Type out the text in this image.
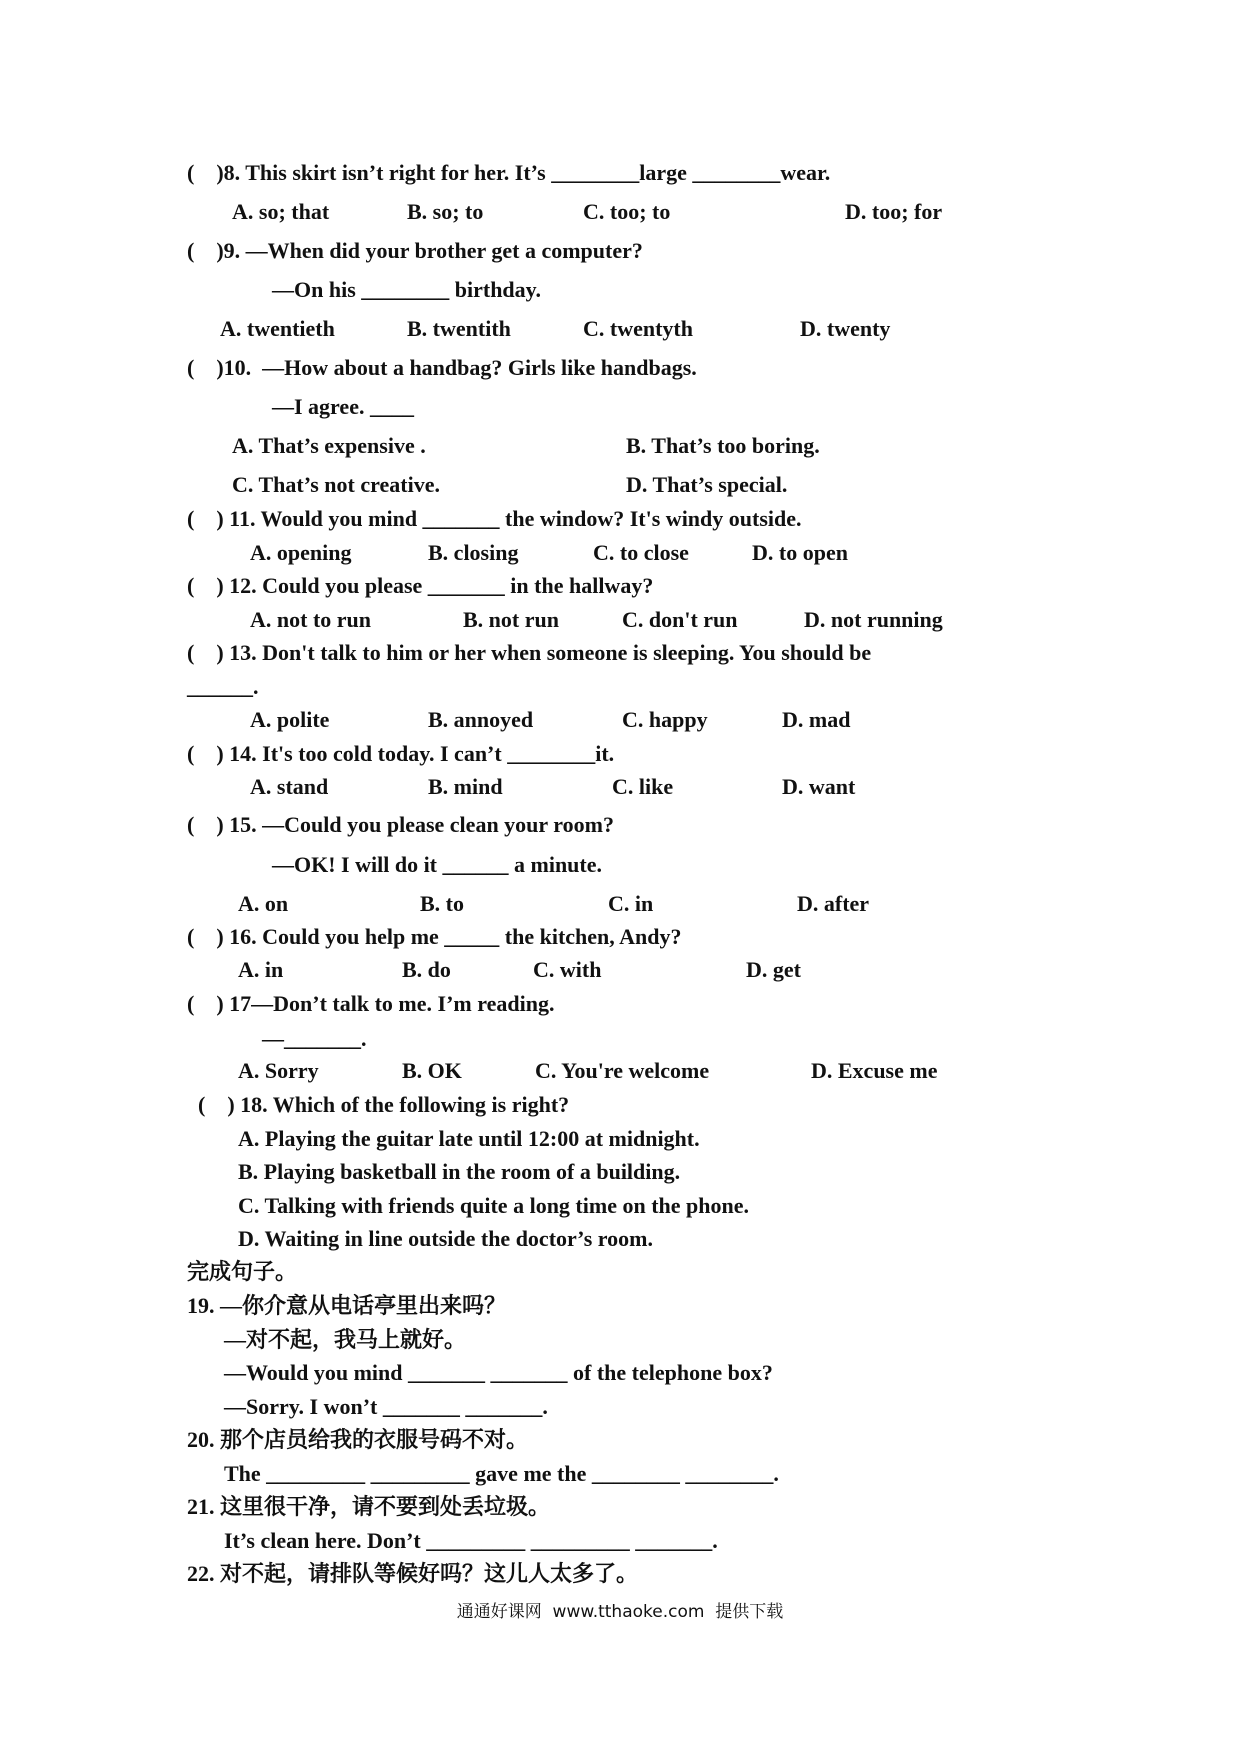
(    )8. This skirt isn’t right for her. It’s ________large ________wear.
A. so; that	B. so; to	C. too; to	D. too; for
(    )9. —When did your brother get a computer?
—On his ________ birthday.
A. twentieth	B. twentith	C. twentyth	D. twenty
(    )10.  —How about a handbag? Girls like handbags.
—I agree. ____
A. That’s expensive .	B. That’s too boring.
C. That’s not creative.	D. That’s special.
(    ) 11. Would you mind _______ the window? It's windy outside.
A. opening	B. closing	C. to close	D. to open
(    ) 12. Could you please _______ in the hallway?
A. not to run	B. not run	C. don't run	D. not running
(    ) 13. Don't talk to him or her when someone is sleeping. You should be
______.
A. polite	B. annoyed	C. happy	D. mad
(    ) 14. It's too cold today. I can’t ________it.
A. stand	B. mind	C. like	D. want
(    ) 15. —Could you please clean your room?
—OK! I will do it ______ a minute.
A. on	B. to	C. in	D. after
(    ) 16. Could you help me _____ the kitchen, Andy?
A. in	B. do	C. with	D. get
(    ) 17—Don’t talk to me. I’m reading.
—_______.
A. Sorry	B. OK	C. You're welcome	D. Excuse me
(    ) 18. Which of the following is right?
A. Playing the guitar late until 12:00 at midnight.
B. Playing basketball in the room of a building.
C. Talking with friends quite a long time on the phone.
D. Waiting in line outside the doctor’s room.
完成句子。
19. —你介意从电话亭里出来吗？
—对不起，我马上就好。
—Would you mind _______ _______ of the telephone box?
—Sorry. I won’t _______ _______.
20. 那个店员给我的衣服号码不对。
The _________ _________ gave me the ________ ________.
21. 这里很干净，请不要到处丢垃圾。
It’s clean here. Don’t _________ _________ _______.
22. 对不起，请排队等候好吗？这儿人太多了。
通通好课网  www.tthaoke.com  提供下载
